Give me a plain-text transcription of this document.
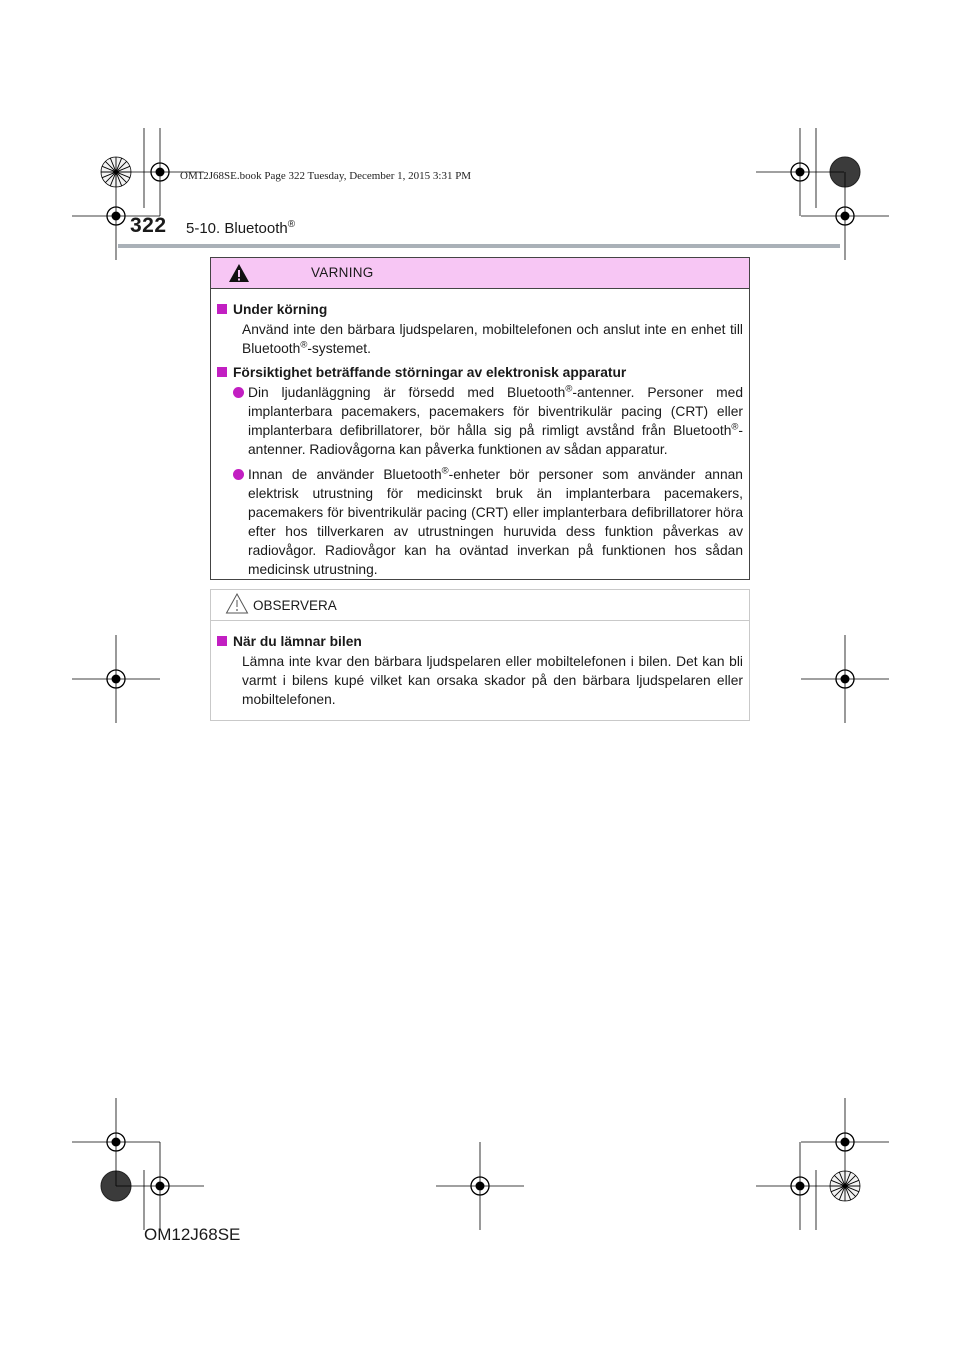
OM12J68SE.book Page 322 Tuesday, December 1, 2015 3:31 PM
322 5-10. Bluetooth®
VARNING
Under körning
Använd inte den bärbara ljudspelaren, mobiltelefonen och anslut inte en enhet till Bluetooth®-systemet.
Försiktighet beträffande störningar av elektronisk apparatur
Din ljudanläggning är försedd med Bluetooth®-antenner. Personer med implanterbara pacemakers, pacemakers för biventrikulär pacing (CRT) eller implanterbara defibrillatorer, bör hålla sig på rimligt avstånd från Bluetooth®-antenner. Radiovågorna kan påverka funktionen av sådan apparatur.
Innan de använder Bluetooth®-enheter bör personer som använder annan elektrisk utrustning för medicinskt bruk än implanterbara pacemakers, pacemakers för biventrikulär pacing (CRT) eller implanterbara defibrillatorer höra efter hos tillverkaren av utrustningen huruvida dess funktion påverkas av radiovågor. Radiovågor kan ha oväntad inverkan på funktionen hos sådan medicinsk utrustning.
OBSERVERA
När du lämnar bilen
Lämna inte kvar den bärbara ljudspelaren eller mobiltelefonen i bilen. Det kan bli varmt i bilens kupé vilket kan orsaka skador på den bärbara ljudspelaren eller mobiltelefonen.
OM12J68SE
